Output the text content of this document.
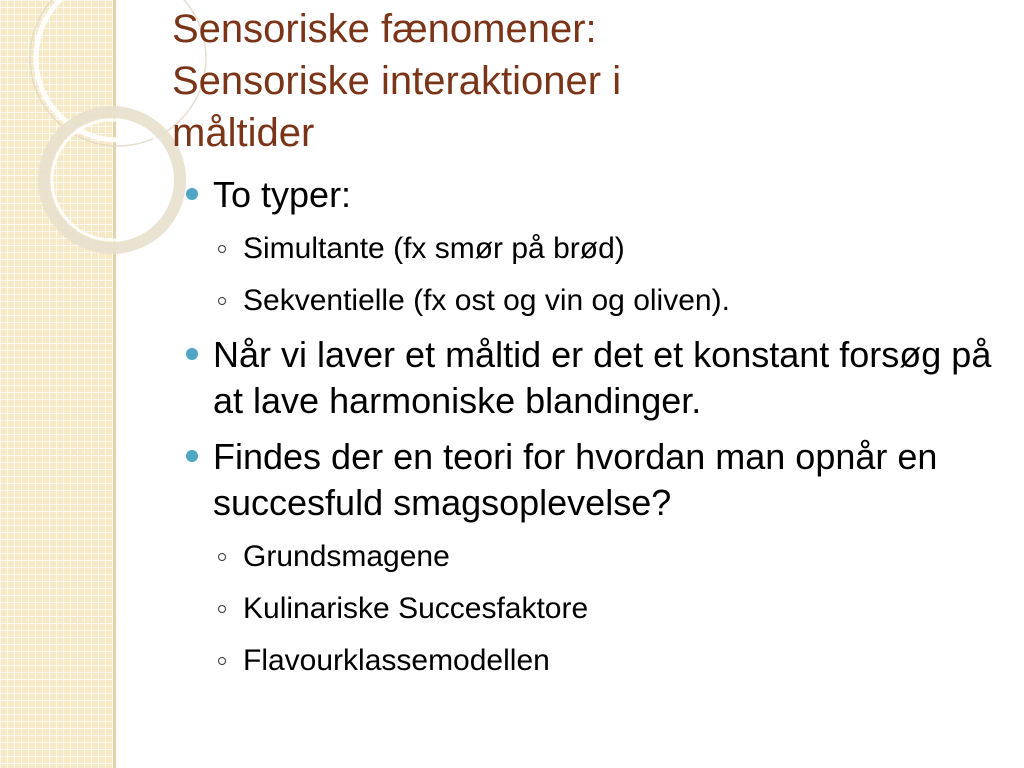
Sensoriske fænomener:
Sensoriske interaktioner i
måltider
To typer:
Simultante (fx smør på brød)
Sekventielle (fx ost og vin og oliven).
Når vi laver et måltid er det et konstant forsøg på at lave harmoniske blandinger.
Findes der en teori for hvordan man opnår en succesfuld smagsoplevelse?
Grundsmagene
Kulinariske Succesfaktore
Flavourklassemodellen
